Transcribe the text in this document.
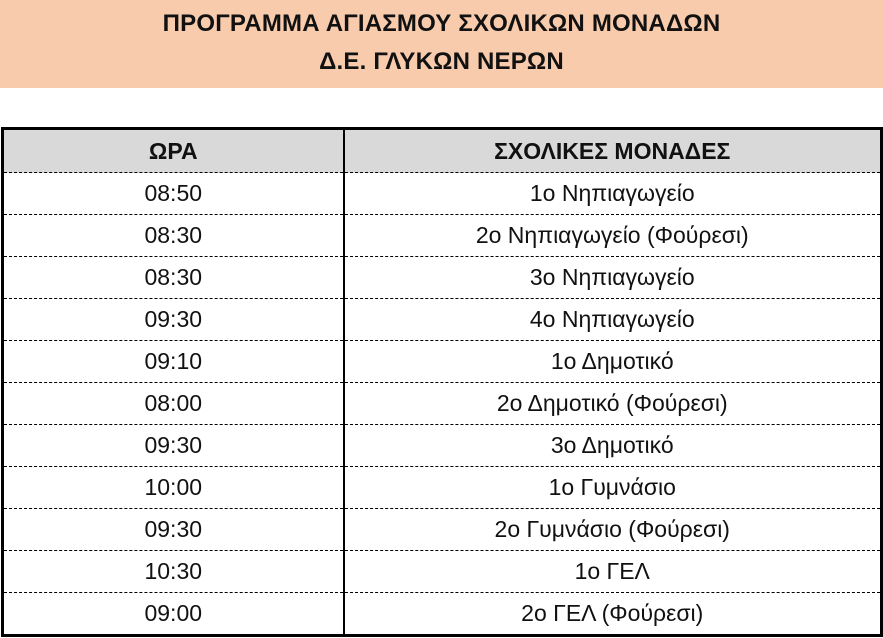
ΠΡΟΓΡΑΜΜΑ ΑΓΙΑΣΜΟΥ ΣΧΟΛΙΚΩΝ ΜΟΝΑΔΩΝ
Δ.Ε. ΓΛΥΚΩΝ ΝΕΡΩΝ
ΩΡΑ	ΣΧΟΛΙΚΕΣ ΜΟΝΑΔΕΣ
08:50	1ο Νηπιαγωγείο
08:30	2ο Νηπιαγωγείο (Φούρεσι)
08:30	3ο Νηπιαγωγείο
09:30	4ο Νηπιαγωγείο
09:10	1ο Δημοτικό
08:00	2ο Δημοτικό (Φούρεσι)
09:30	3ο Δημοτικό
10:00	1ο Γυμνάσιο
09:30	2ο Γυμνάσιο (Φούρεσι)
10:30	1ο ΓΕΛ
09:00	2ο ΓΕΛ (Φούρεσι)
